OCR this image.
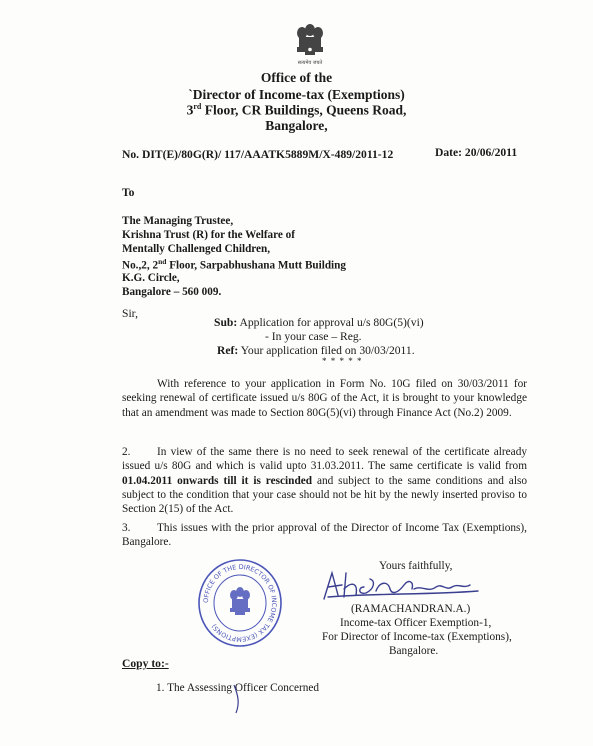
सत्यमेव जयते
Office of the
`Director of Income-tax (Exemptions)
3rd Floor, CR Buildings, Queens Road,
Bangalore,
No. DIT(E)/80G(R)/ 117/AAATK5889M/X-489/2011-12	Date: 20/06/2011
To
The Managing Trustee,
Krishna Trust (R) for the Welfare of
Mentally Challenged Children,
No.,2, 2nd Floor, Sarpabhushana Mutt Building
K.G. Circle,
Bangalore – 560 009.
Sir,
Sub: Application for approval u/s 80G(5)(vi)
- In your case – Reg.
Ref: Your application filed on 30/03/2011.
* * * * *
With reference to your application in Form No. 10G filed on 30/03/2011 for seeking renewal of certificate issued u/s 80G of the Act, it is brought to your knowledge that an amendment was made to Section 80G(5)(vi) through Finance Act (No.2) 2009.
2. In view of the same there is no need to seek renewal of the certificate already issued u/s 80G and which is valid upto 31.03.2011. The same certificate is valid from 01.04.2011 onwards till it is rescinded and subject to the same conditions and also subject to the condition that your case should not be hit by the newly inserted proviso to Section 2(15) of the Act.
3. This issues with the prior approval of the Director of Income Tax (Exemptions), Bangalore.
OFFICE OF THE DIRECTOR OF INCOME TAX (EXEMPTIONS)
Yours faithfully,
(RAMACHANDRAN.A.)
Income-tax Officer Exemption-1,
For Director of Income-tax (Exemptions),
Bangalore.
Copy to:-
1. The Assessing Officer Concerned
